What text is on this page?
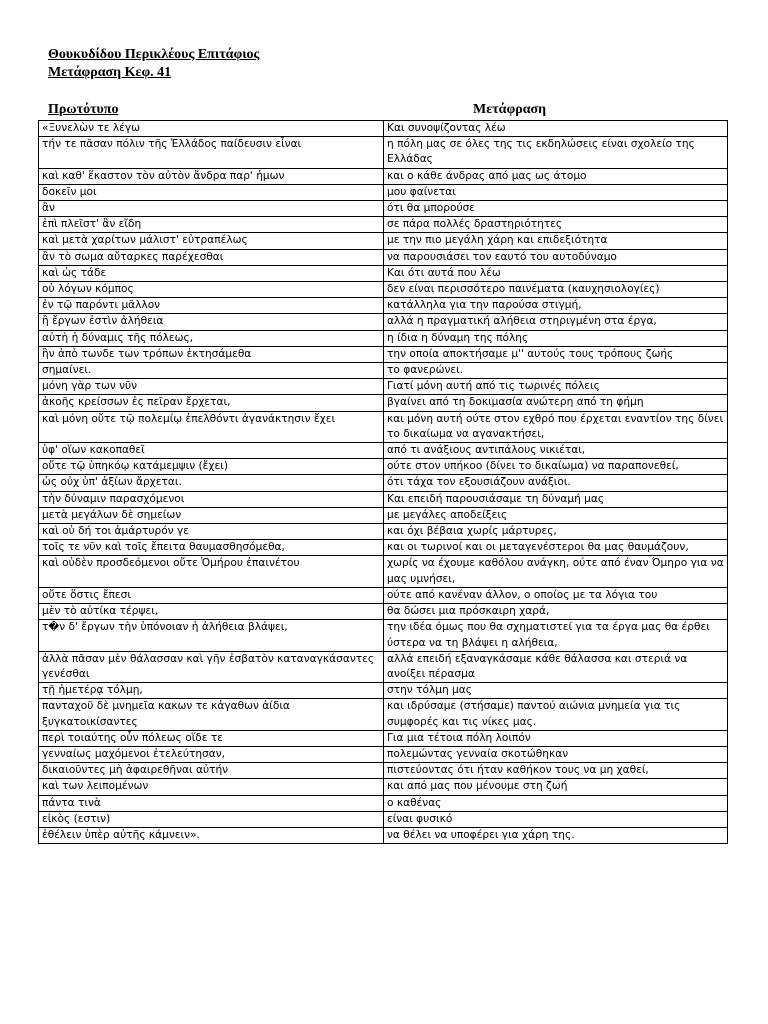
Θουκυδίδου Περικλέους Επιτάφιος
Μετάφραση Κεφ. 41
Πρωτότυπο	Μετάφραση
«Ξυνελὼν τε λέγω	Και συνοψίζοντας λέω
τήν τε πᾶσαν πόλιν τῆς Ἑλλάδος παίδευσιν εἶναι	η πόλη μας σε όλες της τις εκδηλώσεις είναι σχολείο της Ελλάδας
καὶ καθ' ἕκαστον τὸν αὐτὸν ἄνδρα παρ' ἡμων	και ο κάθε άνδρας από μας ως άτομο
δοκεῖν μοι	μου φαίνεται
ἂν	ότι θα μπορούσε
ἐπὶ πλεῖστ' ἂν εἴδη	σε πάρα πολλές δραστηριότητες
καὶ μετὰ χαρίτων μάλιστ' εὐτραπέλως	με την πιο μεγάλη χάρη και επιδεξιότητα
ἂν τὸ σωμα αὔταρκες παρέχεσθαι	να παρουσιάσει τον εαυτό του αυτοδύναμο
καὶ ὡς τάδε	Και ότι αυτά που λέω
οὐ λόγων κόμπος	δεν είναι περισσότερο παινέματα (καυχησιολογίες)
ἐν τῷ παρόντι μᾶλλον	κατάλληλα για την παρούσα στιγμή,
ἢ ἔργων ἐστὶν ἀλήθεια	αλλά η πραγματική αλήθεια στηριγμένη στα έργα,
αὐτὴ ἡ δύναμις τῆς πόλεως,	η ίδια η δύναμη της πόλης
ἣν ἀπὸ τωνδε των τρόπων ἐκτησάμεθα	την οποία αποκτήσαμε μ'' αυτούς τους τρόπους ζωής
σημαίνει.	το φανερώνει.
μόνη γὰρ των νῦν	Γιατί μόνη αυτή από τις τωρινές πόλεις
ἀκοῆς κρείσσων ἐς πεῖραν ἔρχεται,	βγαίνει από τη δοκιμασία ανώτερη από τη φήμη
καὶ μόνη οὔτε τῷ πολεμίῳ ἐπελθόντι ἀγανάκτησιν ἔχει	και μόνη αυτή ούτε στον εχθρό που έρχεται εναντίον της δίνει το δικαίωμα να αγανακτήσει,
ὑφ' οἵων κακοπαθεῖ	από τι ανάξιους αντιπάλους νικιέται,
οὔτε τῷ ὑπηκόῳ κατάμεμψιν (ἔχει)	ούτε στον υπήκοο (δίνει το δικαίωμα) να παραπονεθεί,
ὡς οὐχ ὑπ' ἀξίων ἄρχεται.	ότι τάχα τον εξουσιάζουν ανάξιοι.
τὴν δύναμιν παρασχόμενοι	Και επειδή παρουσιάσαμε τη δύναμή μας
μετὰ μεγάλων δὲ σημείων	με μεγάλες αποδείξεις
καὶ οὐ δή τοι ἀμάρτυρόν γε	και όχι βέβαια χωρίς μάρτυρες,
τοῖς τε νῦν καὶ τοῖς ἔπειτα θαυμασθησόμεθα,	και οι τωρινοί και οι μεταγενέστεροι θα μας θαυμάζουν,
καὶ οὐδὲν προσδεόμενοι οὔτε Ὁμήρου ἐπαινέτου	χωρίς να έχουμε καθόλου ανάγκη, ούτε από έναν Όμηρο για να μας υμνήσει,
οὔτε ὅστις ἔπεσι	ούτε από κανέναν άλλον, ο οποίος με τα λόγια του
μὲν τὸ αὐτίκα τέρψει,	θα δώσει μια πρόσκαιρη χαρά,
τ�ν δ' ἔργων τὴν ὑπόνοιαν ἡ ἀλήθεια βλάψει,	την ιδέα όμως που θα σχηματιστεί για τα έργα μας θα έρθει ύστερα να τη βλάψει η αλήθεια,
ἀλλὰ πᾶσαν μὲν θάλασσαν καὶ γῆν ἐσβατὸν καταναγκάσαντες γενέσθαι	αλλά επειδή εξαναγκάσαμε κάθε θάλασσα και στεριά να ανοίξει πέρασμα
τῇ ἡμετέρᾳ τόλμῃ,	στην τόλμη μας
πανταχοῦ δὲ μνημεῖα κακων τε κἀγαθων ἀίδια ξυγκατοικίσαντες	και ιδρύσαμε (στήσαμε) παντού αιώνια μνημεία για τις συμφορές και τις νίκες μας.
περὶ τοιαύτης οὖν πόλεως οἵδε τε	Για μια τέτοια πόλη λοιπόν
γενναίως μαχόμενοι ἐτελεύτησαν,	πολεμώντας γενναία σκοτώθηκαν
δικαιοῦντες μὴ ἀφαιρεθῆναι αὐτήν	πιστεύοντας ότι ήταν καθήκον τους να μη χαθεί,
καὶ των λειπομένων	και από μας που μένουμε στη ζωή
πάντα τινὰ	ο καθένας
εἰκὸς (εστιν)	είναι φυσικό
ἐθέλειν ὑπὲρ αὐτῆς κάμνειν».	να θέλει να υποφέρει για χάρη της.
